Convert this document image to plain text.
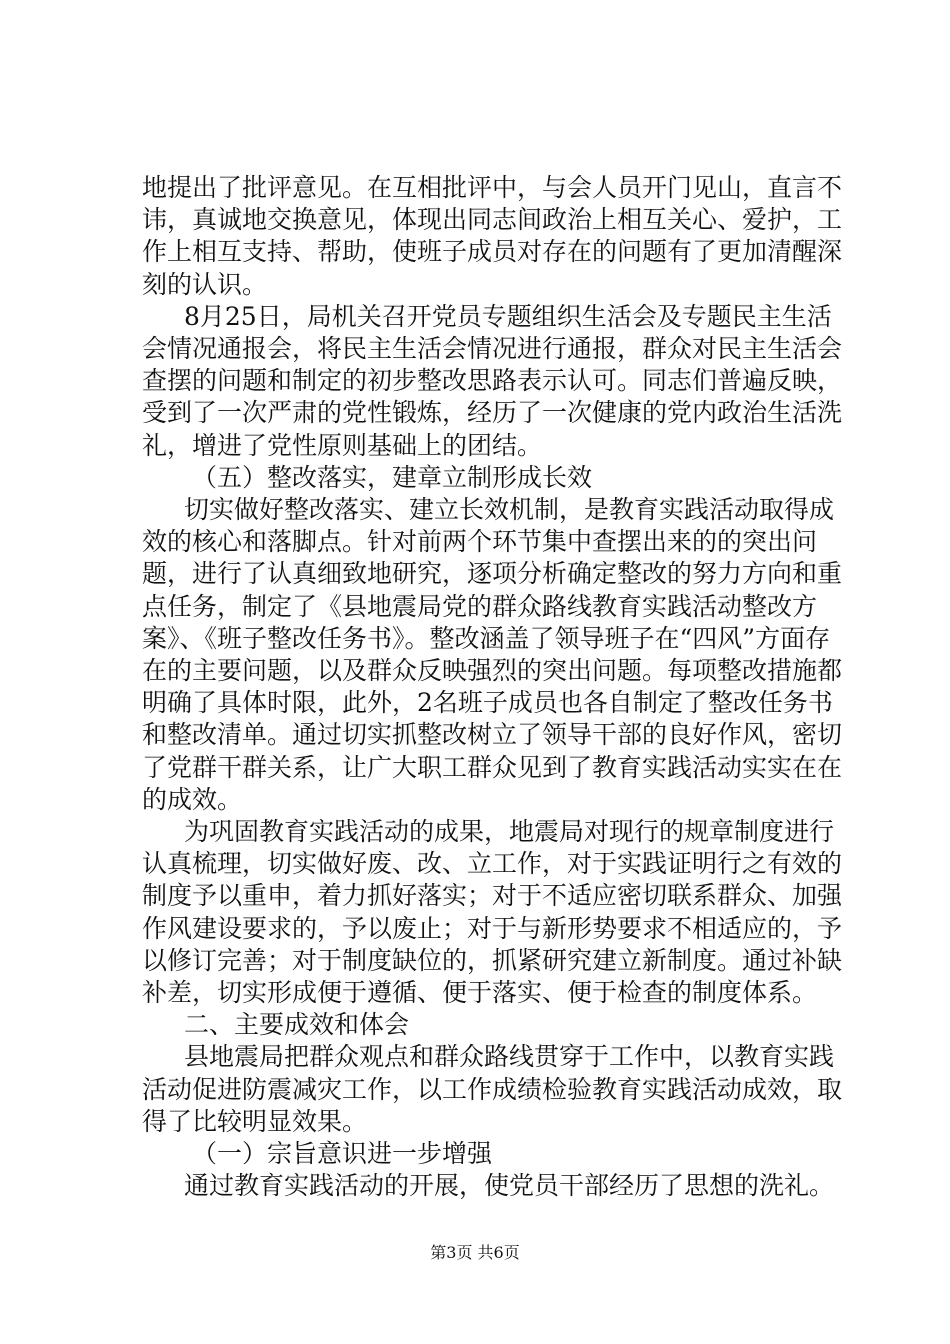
地提出了批评意见。在互相批评中，与会人员开门见山，直言不讳，真诚地交换意见，体现出同志间政治上相互关心、爱护，工作上相互支持、帮助，使班子成员对存在的问题有了更加清醒深刻的认识。

8月25日，局机关召开党员专题组织生活会及专题民主生活会情况通报会，将民主生活会情况进行通报，群众对民主生活会查摆的问题和制定的初步整改思路表示认可。同志们普遍反映，受到了一次严肃的党性锻炼，经历了一次健康的党内政治生活洗礼，增进了党性原则基础上的团结。

（五）整改落实，建章立制形成长效

切实做好整改落实、建立长效机制，是教育实践活动取得成效的核心和落脚点。针对前两个环节集中查摆出来的的突出问题，进行了认真细致地研究，逐项分析确定整改的努力方向和重点任务，制定了《县地震局党的群众路线教育实践活动整改方案》、《班子整改任务书》。整改涵盖了领导班子在“四风”方面存在的主要问题，以及群众反映强烈的突出问题。每项整改措施都明确了具体时限，此外，2名班子成员也各自制定了整改任务书和整改清单。通过切实抓整改树立了领导干部的良好作风，密切了党群干群关系，让广大职工群众见到了教育实践活动实实在在的成效。

为巩固教育实践活动的成果，地震局对现行的规章制度进行认真梳理，切实做好废、改、立工作，对于实践证明行之有效的制度予以重申，着力抓好落实；对于不适应密切联系群众、加强作风建设要求的，予以废止；对于与新形势要求不相适应的，予以修订完善；对于制度缺位的，抓紧研究建立新制度。通过补缺补差，切实形成便于遵循、便于落实、便于检查的制度体系。

二、主要成效和体会

县地震局把群众观点和群众路线贯穿于工作中，以教育实践活动促进防震减灾工作，以工作成绩检验教育实践活动成效，取得了比较明显效果。

（一）宗旨意识进一步增强

通过教育实践活动的开展，使党员干部经历了思想的洗礼。

第3页 共6页
